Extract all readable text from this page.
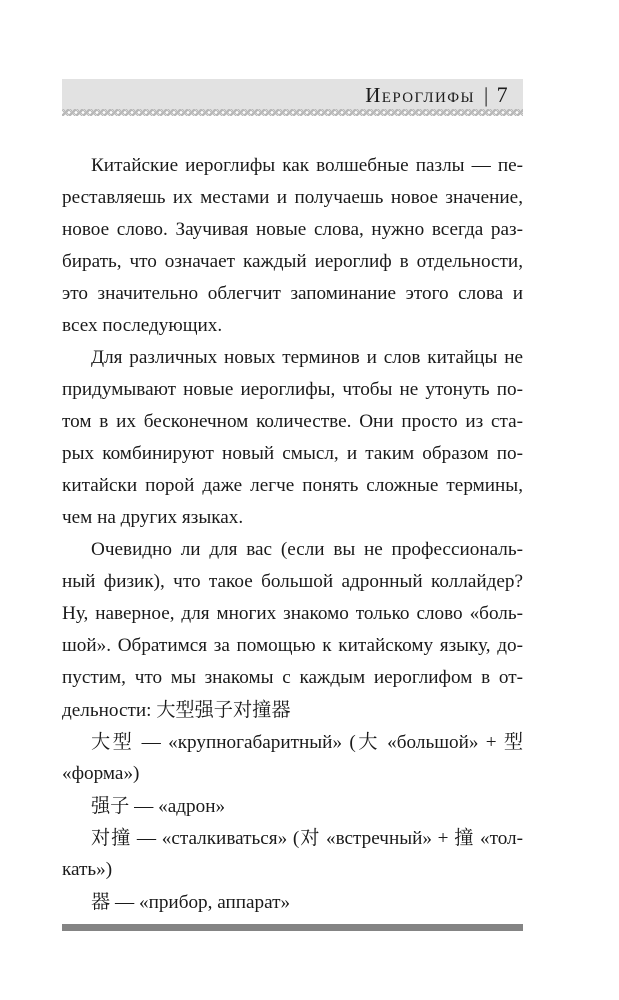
Иероглифы | 7
Китайские иероглифы как волшебные пазлы — пе-
реставляешь их местами и получаешь новое значение,
новое слово. Заучивая новые слова, нужно всегда раз-
бирать, что означает каждый иероглиф в отдельности,
это значительно облегчит запоминание этого слова и
всех последующих.
Для различных новых терминов и слов китайцы не
придумывают новые иероглифы, чтобы не утонуть по-
том в их бесконечном количестве. Они просто из ста-
рых комбинируют новый смысл, и таким образом по-
китайски порой даже легче понять сложные термины,
чем на других языках.
Очевидно ли для вас (если вы не профессиональ-
ный физик), что такое большой адронный коллайдер?
Ну, наверное, для многих знакомо только слово «боль-
шой». Обратимся за помощью к китайскому языку, до-
пустим, что мы знакомы с каждым иероглифом в от-
дельности: 大型强子对撞器
大型 — «крупногабаритный» (大 «большой» + 型
«форма»)
强子 — «адрон»
对撞 — «сталкиваться» (对 «встречный» + 撞 «тол-
кать»)
器 — «прибор, аппарат»
